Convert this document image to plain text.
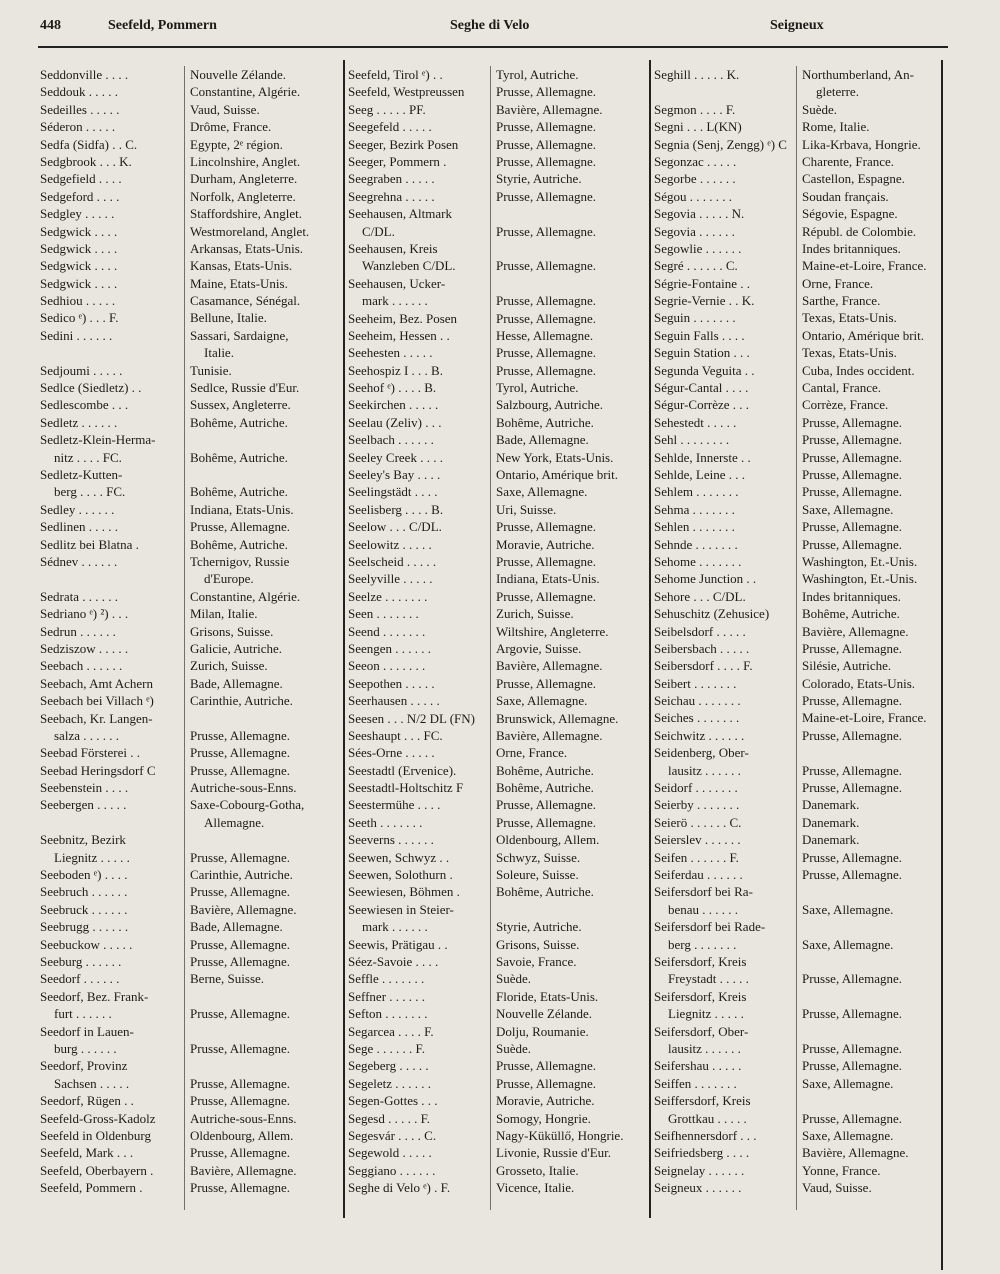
448	Seefeld, Pommern	Seghe di Velo	Seigneux
Seddonville . . . .	Nouvelle Zélande.
Seddouk . . . . .	Constantine, Algérie.
Sedeilles . . . . .	Vaud, Suisse.
Séderon . . . . .	Drôme, France.
Sedfa (Sidfa) . . C.	Egypte, 2ᵉ région.
Sedgbrook . . . K.	Lincolnshire, Anglet.
Sedgefield . . . .	Durham, Angleterre.
Sedgeford . . . .	Norfolk, Angleterre.
Sedgley . . . . .	Staffordshire, Anglet.
Sedgwick . . . .	Westmoreland, Anglet.
Sedgwick . . . .	Arkansas, Etats-Unis.
Sedgwick . . . .	Kansas, Etats-Unis.
Sedgwick . . . .	Maine, Etats-Unis.
Sedhiou . . . . .	Casamance, Sénégal.
Sedico ᵉ) . . . F.	Bellune, Italie.
Sedini . . . . . .	Sassari, Sardaigne,
Italie.
Sedjoumi . . . . .	Tunisie.
Sedlce (Siedletz) . .	Sedlce, Russie d'Eur.
Sedlescombe . . .	Sussex, Angleterre.
Sedletz . . . . . .	Bohême, Autriche.
Sedletz-Klein-Herma-
nitz . . . . FC.	Bohême, Autriche.
Sedletz-Kutten-
berg . . . . FC.	Bohême, Autriche.
Sedley . . . . . .	Indiana, Etats-Unis.
Sedlinen . . . . .	Prusse, Allemagne.
Sedlitz bei Blatna .	Bohême, Autriche.
Sédnev . . . . . .	Tchernigov, Russie
d'Europe.
Sedrata . . . . . .	Constantine, Algérie.
Sedriano ᵉ) ²) . . .	Milan, Italie.
Sedrun . . . . . .	Grisons, Suisse.
Sedziszow . . . . .	Galicie, Autriche.
Seebach . . . . . .	Zurich, Suisse.
Seebach, Amt Achern	Bade, Allemagne.
Seebach bei Villach ᵉ)	Carinthie, Autriche.
Seebach, Kr. Langen-
salza . . . . . .	Prusse, Allemagne.
Seebad Försterei . .	Prusse, Allemagne.
Seebad Heringsdorf C	Prusse, Allemagne.
Seebenstein . . . .	Autriche-sous-Enns.
Seebergen . . . . .	Saxe-Cobourg-Gotha,
Allemagne.
Seebnitz, Bezirk
Liegnitz . . . . .	Prusse, Allemagne.
Seeboden ᵉ) . . . .	Carinthie, Autriche.
Seebruch . . . . . .	Prusse, Allemagne.
Seebruck . . . . . .	Bavière, Allemagne.
Seebrugg . . . . . .	Bade, Allemagne.
Seebuckow . . . . .	Prusse, Allemagne.
Seeburg . . . . . .	Prusse, Allemagne.
Seedorf . . . . . .	Berne, Suisse.
Seedorf, Bez. Frank-
furt . . . . . .	Prusse, Allemagne.
Seedorf in Lauen-
burg . . . . . .	Prusse, Allemagne.
Seedorf, Provinz
Sachsen . . . . .	Prusse, Allemagne.
Seedorf, Rügen . .	Prusse, Allemagne.
Seefeld-Gross-Kadolz	Autriche-sous-Enns.
Seefeld in Oldenburg	Oldenbourg, Allem.
Seefeld, Mark . . .	Prusse, Allemagne.
Seefeld, Oberbayern .	Bavière, Allemagne.
Seefeld, Pommern .	Prusse, Allemagne.
Seefeld, Tirol ᵉ) . .	Tyrol, Autriche.
Seefeld, Westpreussen	Prusse, Allemagne.
Seeg . . . . . PF.	Bavière, Allemagne.
Seegefeld . . . . .	Prusse, Allemagne.
Seeger, Bezirk Posen	Prusse, Allemagne.
Seeger, Pommern .	Prusse, Allemagne.
Seegraben . . . . .	Styrie, Autriche.
Seegrehna . . . . .	Prusse, Allemagne.
Seehausen, Altmark
C/DL.	Prusse, Allemagne.
Seehausen, Kreis
Wanzleben C/DL.	Prusse, Allemagne.
Seehausen, Ucker-
mark . . . . . .	Prusse, Allemagne.
Seeheim, Bez. Posen	Prusse, Allemagne.
Seeheim, Hessen . .	Hesse, Allemagne.
Seehesten . . . . .	Prusse, Allemagne.
Seehospiz I . . . B.	Prusse, Allemagne.
Seehof ᵉ) . . . . B.	Tyrol, Autriche.
Seekirchen . . . . .	Salzbourg, Autriche.
Seelau (Zeliv) . . .	Bohême, Autriche.
Seelbach . . . . . .	Bade, Allemagne.
Seeley Creek . . . .	New York, Etats-Unis.
Seeley's Bay . . . .	Ontario, Amérique brit.
Seelingstädt . . . .	Saxe, Allemagne.
Seelisberg . . . . B.	Uri, Suisse.
Seelow . . . C/DL.	Prusse, Allemagne.
Seelowitz . . . . .	Moravie, Autriche.
Seelscheid . . . . .	Prusse, Allemagne.
Seelyville . . . . .	Indiana, Etats-Unis.
Seelze . . . . . . .	Prusse, Allemagne.
Seen . . . . . . .	Zurich, Suisse.
Seend . . . . . . .	Wiltshire, Angleterre.
Seengen . . . . . .	Argovie, Suisse.
Seeon . . . . . . .	Bavière, Allemagne.
Seepothen . . . . .	Prusse, Allemagne.
Seerhausen . . . . .	Saxe, Allemagne.
Seesen . . . N/2 DL (FN)	Brunswick, Allemagne.
Seeshaupt . . . FC.	Bavière, Allemagne.
Sées-Orne . . . . .	Orne, France.
Seestadtl (Ervenice).	Bohême, Autriche.
Seestadtl-Holtschitz F	Bohême, Autriche.
Seestermühe . . . .	Prusse, Allemagne.
Seeth . . . . . . .	Prusse, Allemagne.
Seeverns . . . . . .	Oldenbourg, Allem.
Seewen, Schwyz . .	Schwyz, Suisse.
Seewen, Solothurn .	Soleure, Suisse.
Seewiesen, Böhmen .	Bohême, Autriche.
Seewiesen in Steier-
mark . . . . . .	Styrie, Autriche.
Seewis, Prätigau . .	Grisons, Suisse.
Séez-Savoie . . . .	Savoie, France.
Seffle . . . . . . .	Suède.
Seffner . . . . . .	Floride, Etats-Unis.
Sefton . . . . . . .	Nouvelle Zélande.
Segarcea . . . . F.	Dolju, Roumanie.
Sege . . . . . . F.	Suède.
Segeberg . . . . .	Prusse, Allemagne.
Segeletz . . . . . .	Prusse, Allemagne.
Segen-Gottes . . .	Moravie, Autriche.
Segesd . . . . . F.	Somogy, Hongrie.
Segesvár . . . . C.	Nagy-Küküllő, Hongrie.
Segewold . . . . .	Livonie, Russie d'Eur.
Seggiano . . . . . .	Grosseto, Italie.
Seghe di Velo ᵉ) . F.	Vicence, Italie.
Seghill . . . . . K.	Northumberland, An-
gleterre.
Segmon . . . . F.	Suède.
Segni . . . L(KN)	Rome, Italie.
Segnia (Senj, Zengg) ᵉ) C	Lika-Krbava, Hongrie.
Segonzac . . . . .	Charente, France.
Segorbe . . . . . .	Castellon, Espagne.
Ségou . . . . . . .	Soudan français.
Segovia . . . . . N.	Ségovie, Espagne.
Segovia . . . . . .	Républ. de Colombie.
Segowlie . . . . . .	Indes britanniques.
Segré . . . . . . C.	Maine-et-Loire, France.
Ségrie-Fontaine . .	Orne, France.
Segrie-Vernie . . K.	Sarthe, France.
Seguin . . . . . . .	Texas, Etats-Unis.
Seguin Falls . . . .	Ontario, Amérique brit.
Seguin Station . . .	Texas, Etats-Unis.
Segunda Veguita . .	Cuba, Indes occident.
Ségur-Cantal . . . .	Cantal, France.
Ségur-Corrèze . . .	Corrèze, France.
Sehestedt . . . . .	Prusse, Allemagne.
Sehl . . . . . . . .	Prusse, Allemagne.
Sehlde, Innerste . .	Prusse, Allemagne.
Sehlde, Leine . . .	Prusse, Allemagne.
Sehlem . . . . . . .	Prusse, Allemagne.
Sehma . . . . . . .	Saxe, Allemagne.
Sehlen . . . . . . .	Prusse, Allemagne.
Sehnde . . . . . . .	Prusse, Allemagne.
Sehome . . . . . . .	Washington, Et.-Unis.
Sehome Junction . .	Washington, Et.-Unis.
Sehore . . . C/DL.	Indes britanniques.
Sehuschitz (Zehusice)	Bohême, Autriche.
Seibelsdorf . . . . .	Bavière, Allemagne.
Seibersbach . . . . .	Prusse, Allemagne.
Seibersdorf . . . . F.	Silésie, Autriche.
Seibert . . . . . . .	Colorado, Etats-Unis.
Seichau . . . . . . .	Prusse, Allemagne.
Seiches . . . . . . .	Maine-et-Loire, France.
Seichwitz . . . . . .	Prusse, Allemagne.
Seidenberg, Ober-
lausitz . . . . . .	Prusse, Allemagne.
Seidorf . . . . . . .	Prusse, Allemagne.
Seierby . . . . . . .	Danemark.
Seierö . . . . . . C.	Danemark.
Seierslev . . . . . .	Danemark.
Seifen . . . . . . F.	Prusse, Allemagne.
Seiferdau . . . . . .	Prusse, Allemagne.
Seifersdorf bei Ra-
benau . . . . . .	Saxe, Allemagne.
Seifersdorf bei Rade-
berg . . . . . . .	Saxe, Allemagne.
Seifersdorf, Kreis
Freystadt . . . . .	Prusse, Allemagne.
Seifersdorf, Kreis
Liegnitz . . . . .	Prusse, Allemagne.
Seifersdorf, Ober-
lausitz . . . . . .	Prusse, Allemagne.
Seifershau . . . . .	Prusse, Allemagne.
Seiffen . . . . . . .	Saxe, Allemagne.
Seiffersdorf, Kreis
Grottkau . . . . .	Prusse, Allemagne.
Seifhennersdorf . . .	Saxe, Allemagne.
Seifriedsberg . . . .	Bavière, Allemagne.
Seignelay . . . . . .	Yonne, France.
Seigneux . . . . . .	Vaud, Suisse.
